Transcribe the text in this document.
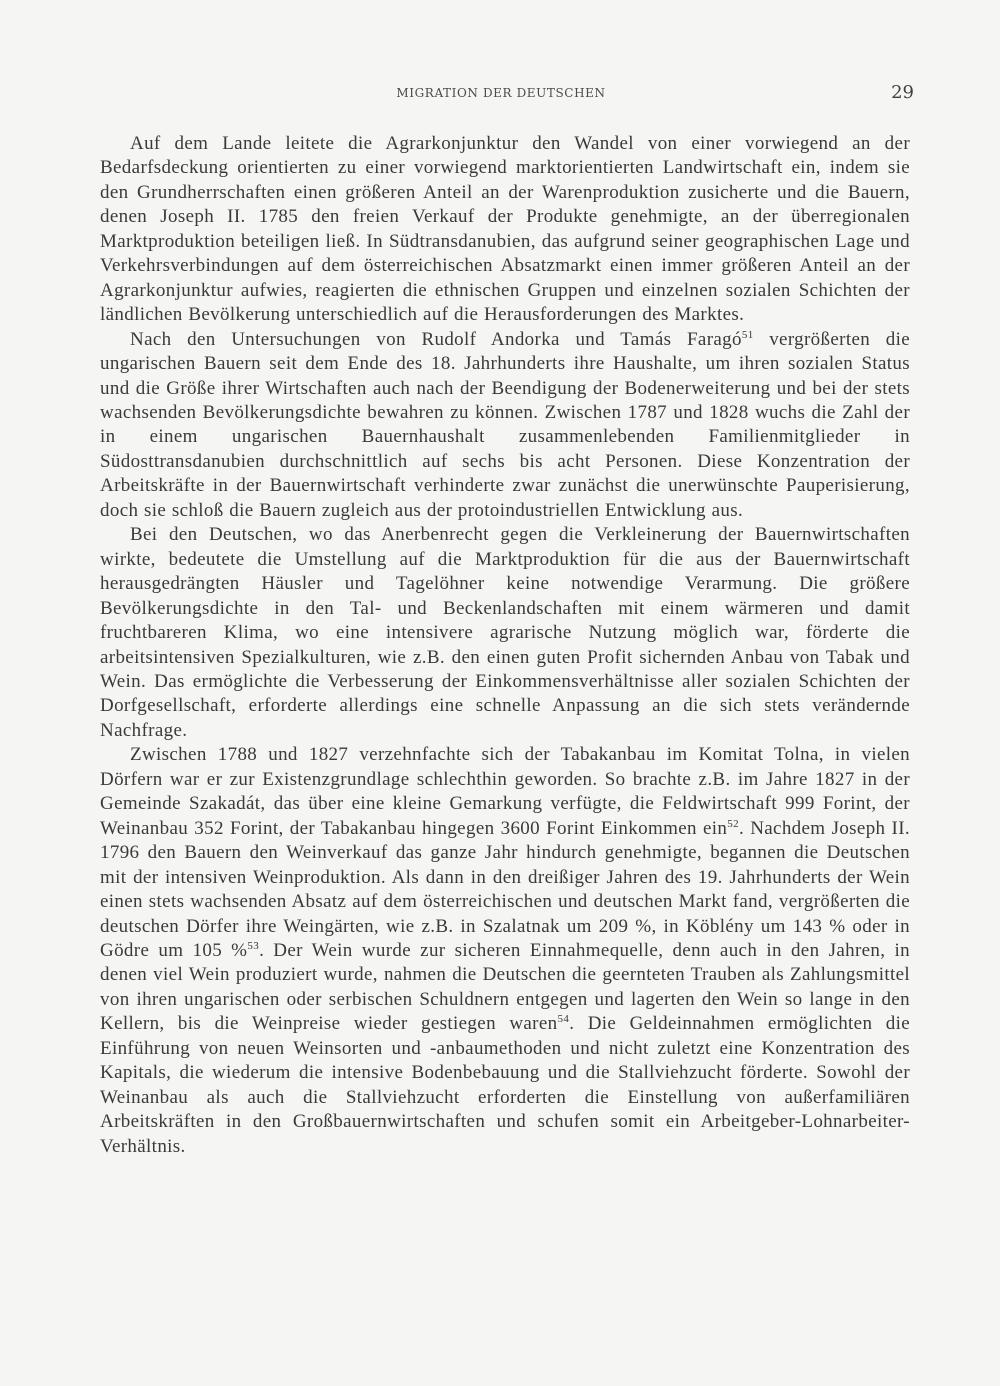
MIGRATION DER DEUTSCHEN	29

Auf dem Lande leitete die Agrarkonjunktur den Wandel von einer vorwiegend an der Bedarfsdeckung orientierten zu einer vorwiegend marktorientierten Landwirtschaft ein, indem sie den Grundherrschaften einen größeren Anteil an der Warenproduktion zusicherte und die Bauern, denen Joseph II. 1785 den freien Verkauf der Produkte genehmigte, an der überregionalen Marktproduktion beteiligen ließ. In Südtransdanubien, das aufgrund seiner geographischen Lage und Verkehrsverbindungen auf dem österreichischen Absatzmarkt einen immer größeren Anteil an der Agrarkonjunktur aufwies, reagierten die ethnischen Gruppen und einzelnen sozialen Schichten der ländlichen Bevölkerung unterschiedlich auf die Herausforderungen des Marktes.

Nach den Untersuchungen von Rudolf Andorka und Tamás Faragó$^{51}$ vergrößerten die ungarischen Bauern seit dem Ende des 18. Jahrhunderts ihre Haushalte, um ihren sozialen Status und die Größe ihrer Wirtschaften auch nach der Beendigung der Bodenerweiterung und bei der stets wachsenden Bevölkerungsdichte bewahren zu können. Zwischen 1787 und 1828 wuchs die Zahl der in einem ungarischen Bauernhaushalt zusammenlebenden Familienmitglieder in Südosttransdanubien durchschnittlich auf sechs bis acht Personen. Diese Konzentration der Arbeitskräfte in der Bauernwirtschaft verhinderte zwar zunächst die unerwünschte Pauperisierung, doch sie schloß die Bauern zugleich aus der protoindustriellen Entwicklung aus.

Bei den Deutschen, wo das Anerbenrecht gegen die Verkleinerung der Bauernwirtschaften wirkte, bedeutete die Umstellung auf die Marktproduktion für die aus der Bauernwirtschaft herausgedrängten Häusler und Tagelöhner keine notwendige Verarmung. Die größere Bevölkerungsdichte in den Tal- und Beckenlandschaften mit einem wärmeren und damit fruchtbareren Klima, wo eine intensivere agrarische Nutzung möglich war, förderte die arbeitsintensiven Spezialkulturen, wie z.B. den einen guten Profit sichernden Anbau von Tabak und Wein. Das ermöglichte die Verbesserung der Einkommensverhältnisse aller sozialen Schichten der Dorfgesellschaft, erforderte allerdings eine schnelle Anpassung an die sich stets verändernde Nachfrage.

Zwischen 1788 und 1827 verzehnfachte sich der Tabakanbau im Komitat Tolna, in vielen Dörfern war er zur Existenzgrundlage schlechthin geworden. So brachte z.B. im Jahre 1827 in der Gemeinde Szakadát, das über eine kleine Gemarkung verfügte, die Feldwirtschaft 999 Forint, der Weinanbau 352 Forint, der Tabakanbau hingegen 3600 Forint Einkommen ein$^{52}$. Nachdem Joseph II. 1796 den Bauern den Weinverkauf das ganze Jahr hindurch genehmigte, begannen die Deutschen mit der intensiven Weinproduktion. Als dann in den dreißiger Jahren des 19. Jahrhunderts der Wein einen stets wachsenden Absatz auf dem österreichischen und deutschen Markt fand, vergrößerten die deutschen Dörfer ihre Weingärten, wie z.B. in Szalatnak um 209 %, in Köblény um 143 % oder in Gödre um 105 %$^{53}$. Der Wein wurde zur sicheren Einnahmequelle, denn auch in den Jahren, in denen viel Wein produziert wurde, nahmen die Deutschen die geernteten Trauben als Zahlungsmittel von ihren ungarischen oder serbischen Schuldnern entgegen und lagerten den Wein so lange in den Kellern, bis die Weinpreise wieder gestiegen waren$^{54}$. Die Geldeinnahmen ermöglichten die Einführung von neuen Weinsorten und -anbaumethoden und nicht zuletzt eine Konzentration des Kapitals, die wiederum die intensive Bodenbebauung und die Stallviehzucht förderte. Sowohl der Weinanbau als auch die Stallviehzucht erforderten die Einstellung von außerfamiliären Arbeitskräften in den Großbauernwirtschaften und schufen somit ein Arbeitgeber-Lohnarbeiter-Verhältnis.
